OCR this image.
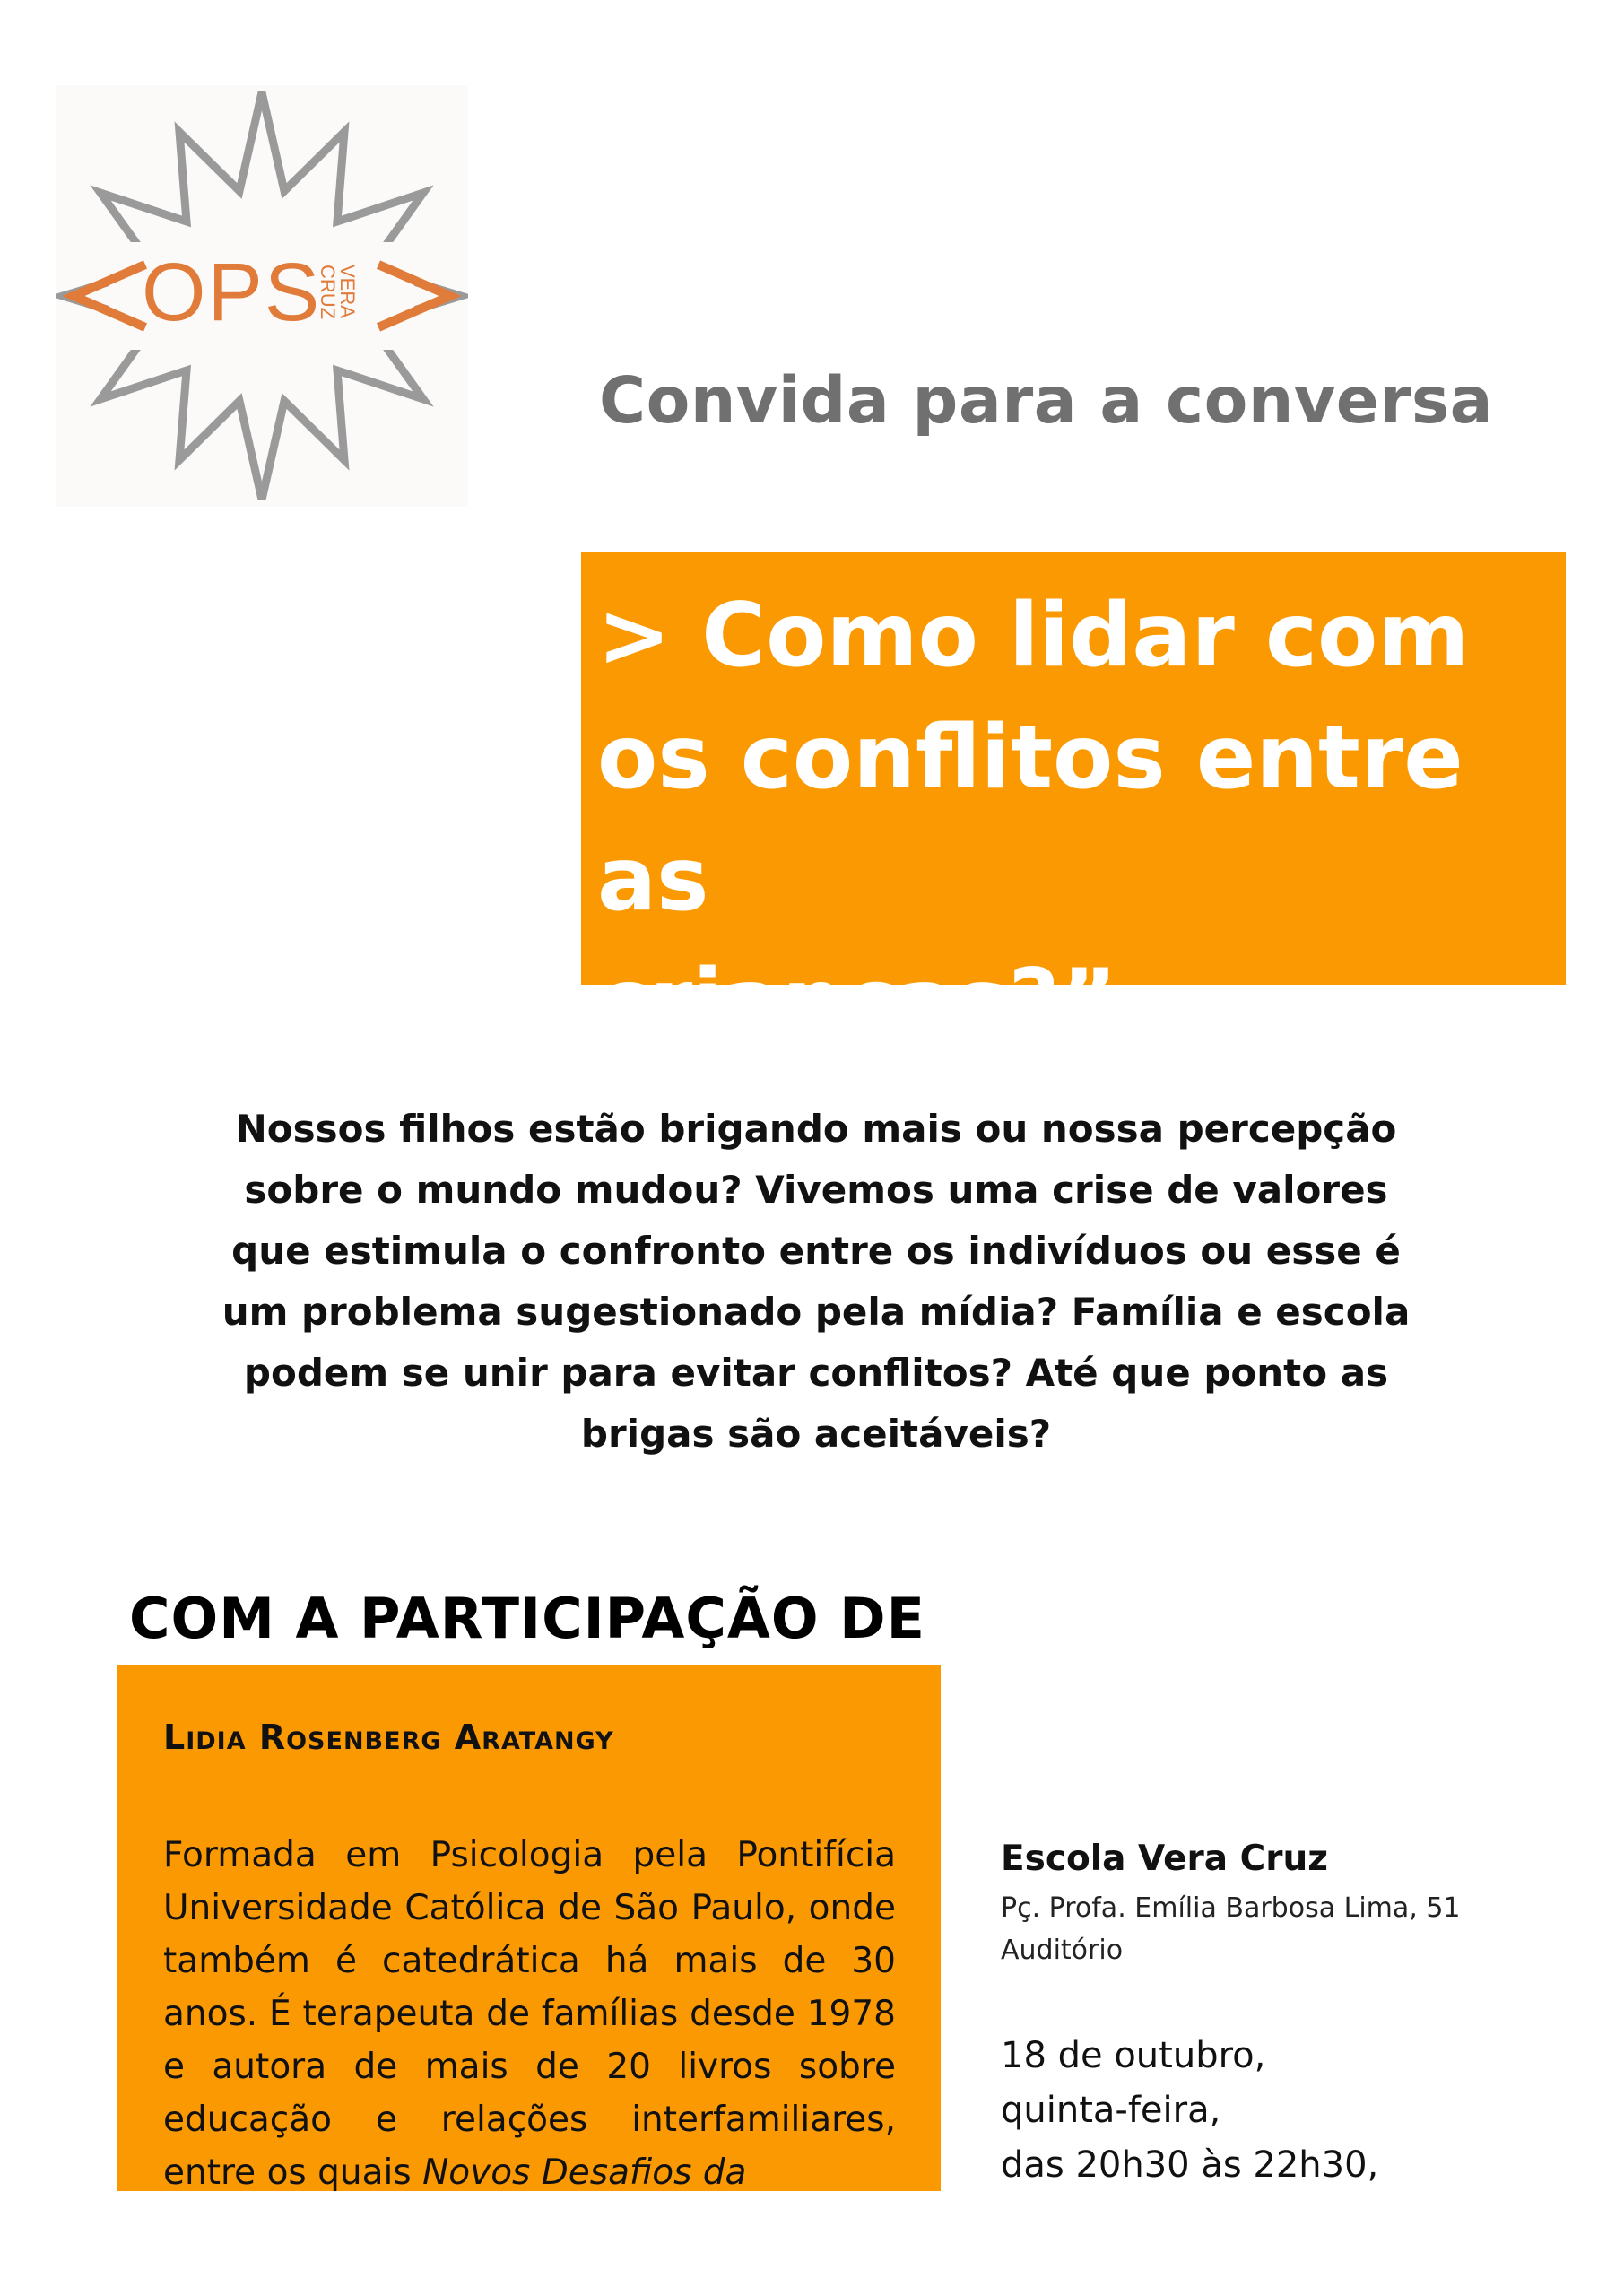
OPS VERA
CRUZ
Convida para a conversa
> Como lidar com
os conflitos entre as
crianças?”
Nossos filhos estão brigando mais ou nossa percepção sobre o mundo mudou? Vivemos uma crise de valores que estimula o confronto entre os indivíduos ou esse é um problema sugestionado pela mídia? Família e escola podem se unir para evitar conflitos? Até que ponto as brigas são aceitáveis?
COM A PARTICIPAÇÃO DE
Lidia Rosenberg Aratangy
Formada em Psicologia pela Pontifícia Universidade Católica de São Paulo, onde também é catedrática há mais de 30 anos. É terapeuta de famílias desde 1978 e autora de mais de 20 livros sobre educação e relações interfamiliares, entre os quais Novos Desafios da
Escola Vera Cruz
Pç. Profa. Emília Barbosa Lima, 51
Auditório
18 de outubro,
quinta-feira,
das 20h30 às 22h30,
